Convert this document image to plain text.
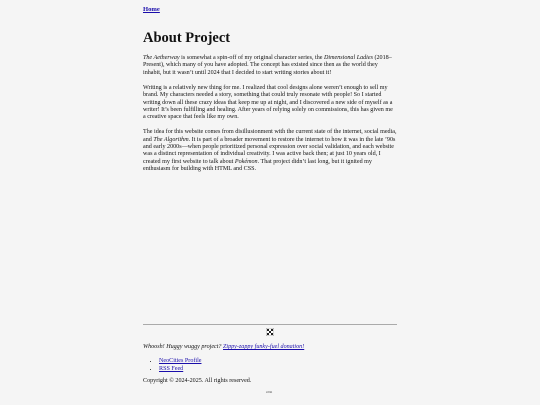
Home
About Project

The Aetherway is somewhat a spin-off of my original character series, the Dimensional Ladies (2018–Present), which many of you have adopted. The concept has existed since then as the world they inhabit, but it wasn’t until 2024 that I decided to start writing stories about it!

Writing is a relatively new thing for me. I realized that cool designs alone weren’t enough to sell my brand. My characters needed a story, something that could truly resonate with people! So I started writing down all these crazy ideas that keep me up at night, and I discovered a new side of myself as a writer! It’s been fulfilling and healing. After years of relying solely on commissions, this has given me a creative space that feels like my own.

The idea for this website comes from disillusionment with the current state of the internet, social media, and The Algorithm. It is part of a broader movement to restore the internet to how it was in the late ’90s and early 2000s—when people prioritized personal expression over social validation, and each website was a distinct representation of individual creativity. I was active back then; at just 10 years old, I created my first website to talk about Pokémon. That project didn’t last long, but it ignited my enthusiasm for building with HTML and CSS.

Whoosh! Huggy wuggy project? Zippy-zappy funky-fuel donation!
• NeoCities Profile
• RSS Feed
Copyright © 2024-2025. All rights reserved.
v2.91
